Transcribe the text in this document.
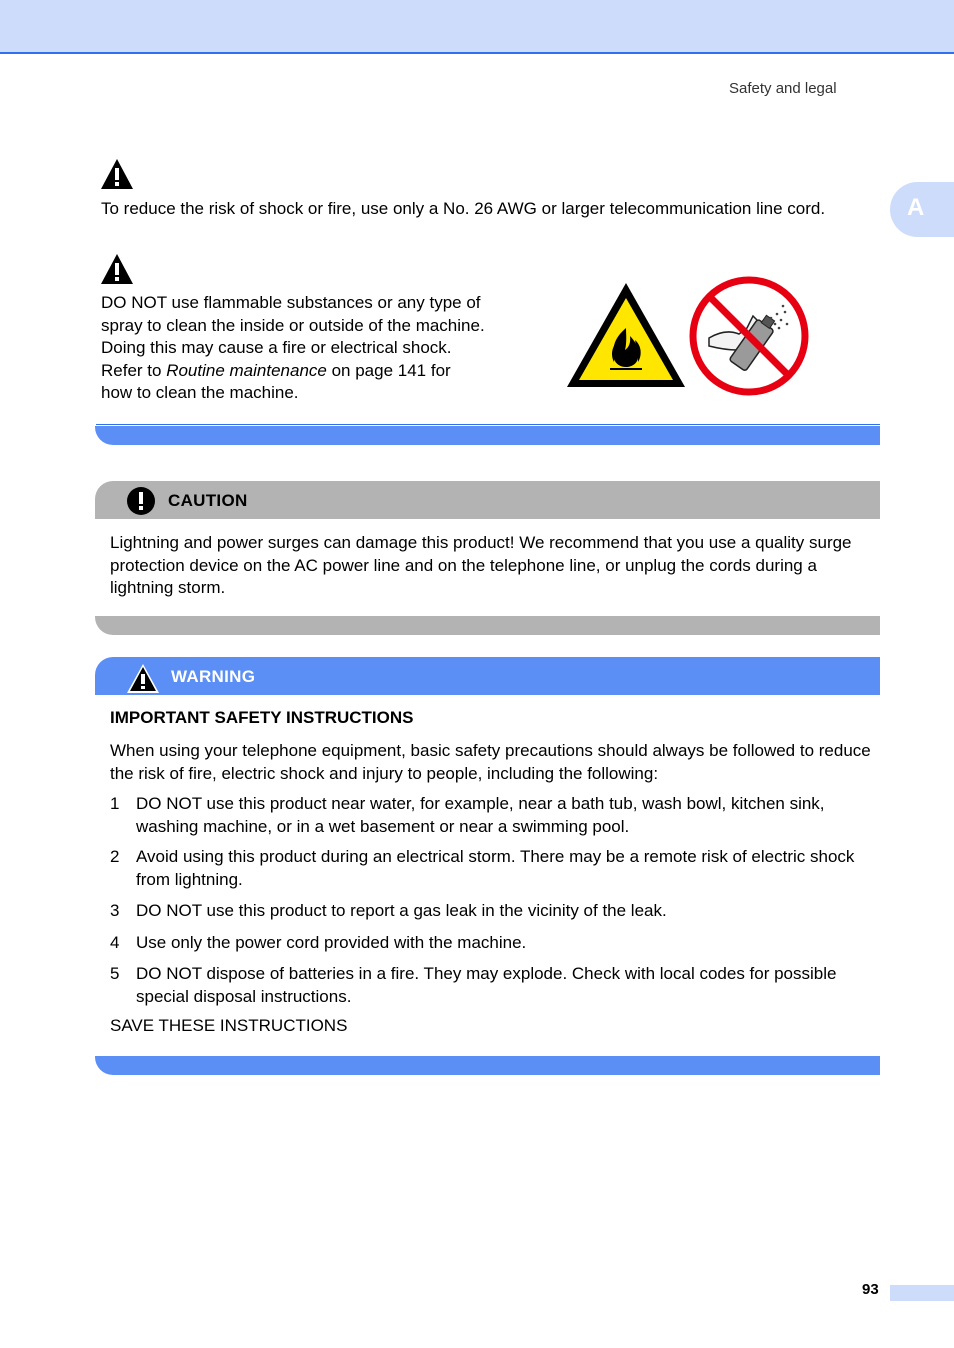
Safety and legal
A
To reduce the risk of shock or fire, use only a No. 26 AWG or larger telecommunication line cord.
DO NOT use flammable substances or any type of
spray to clean the inside or outside of the machine.
Doing this may cause a fire or electrical shock.
Refer to Routine maintenance on page 141 for
how to clean the machine.
CAUTION
Lightning and power surges can damage this product! We recommend that you use a quality surge protection device on the AC power line and on the telephone line, or unplug the cords during a lightning storm.
WARNING
IMPORTANT SAFETY INSTRUCTIONS
When using your telephone equipment, basic safety precautions should always be followed to reduce the risk of fire, electric shock and injury to people, including the following:
1 DO NOT use this product near water, for example, near a bath tub, wash bowl, kitchen sink, washing machine, or in a wet basement or near a swimming pool.
2 Avoid using this product during an electrical storm. There may be a remote risk of electric shock from lightning.
3 DO NOT use this product to report a gas leak in the vicinity of the leak.
4 Use only the power cord provided with the machine.
5 DO NOT dispose of batteries in a fire. They may explode. Check with local codes for possible special disposal instructions.
SAVE THESE INSTRUCTIONS
93
